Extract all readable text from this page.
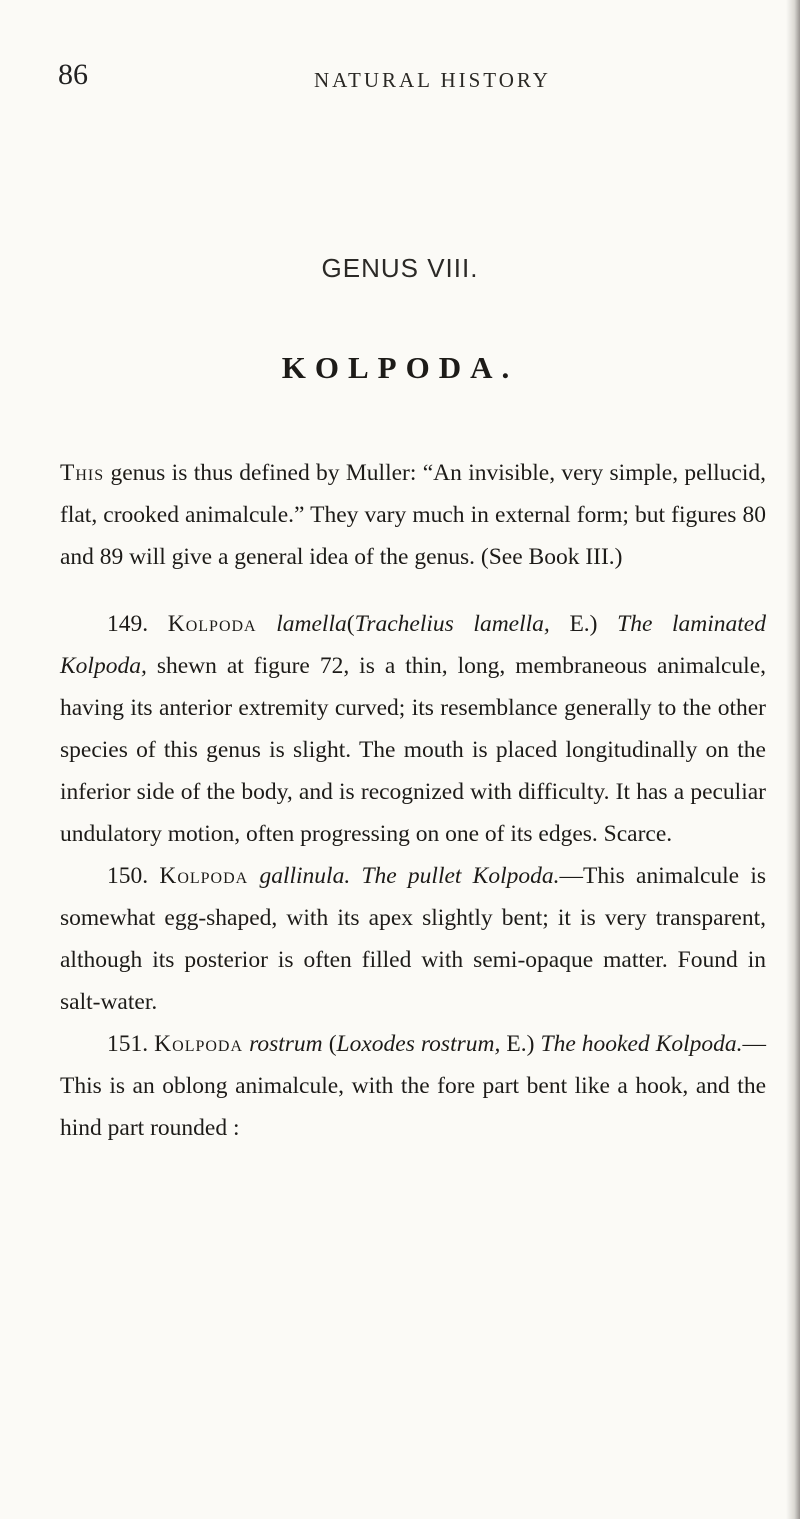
86	NATURAL HISTORY
GENUS VIII.
KOLPODA.

This genus is thus defined by Muller: “An invisible, very simple, pellucid, flat, crooked animalcule.” They vary much in external form; but figures 80 and 89 will give a general idea of the genus. (See Book III.)

149. Kolpoda lamella(Trachelius lamella, E.) The laminated Kolpoda, shewn at figure 72, is a thin, long, membraneous animalcule, having its anterior extremity curved; its resemblance generally to the other species of this genus is slight. The mouth is placed longitudinally on the inferior side of the body, and is recognized with difficulty. It has a peculiar undulatory motion, often progressing on one of its edges. Scarce.

150. Kolpoda gallinula. The pullet Kolpoda.—This animalcule is somewhat egg-shaped, with its apex slightly bent; it is very transparent, although its posterior is often filled with semi-opaque matter. Found in salt-water.

151. Kolpoda rostrum (Loxodes rostrum, E.) The hooked Kolpoda.—This is an oblong animalcule, with the fore part bent like a hook, and the hind part rounded :
